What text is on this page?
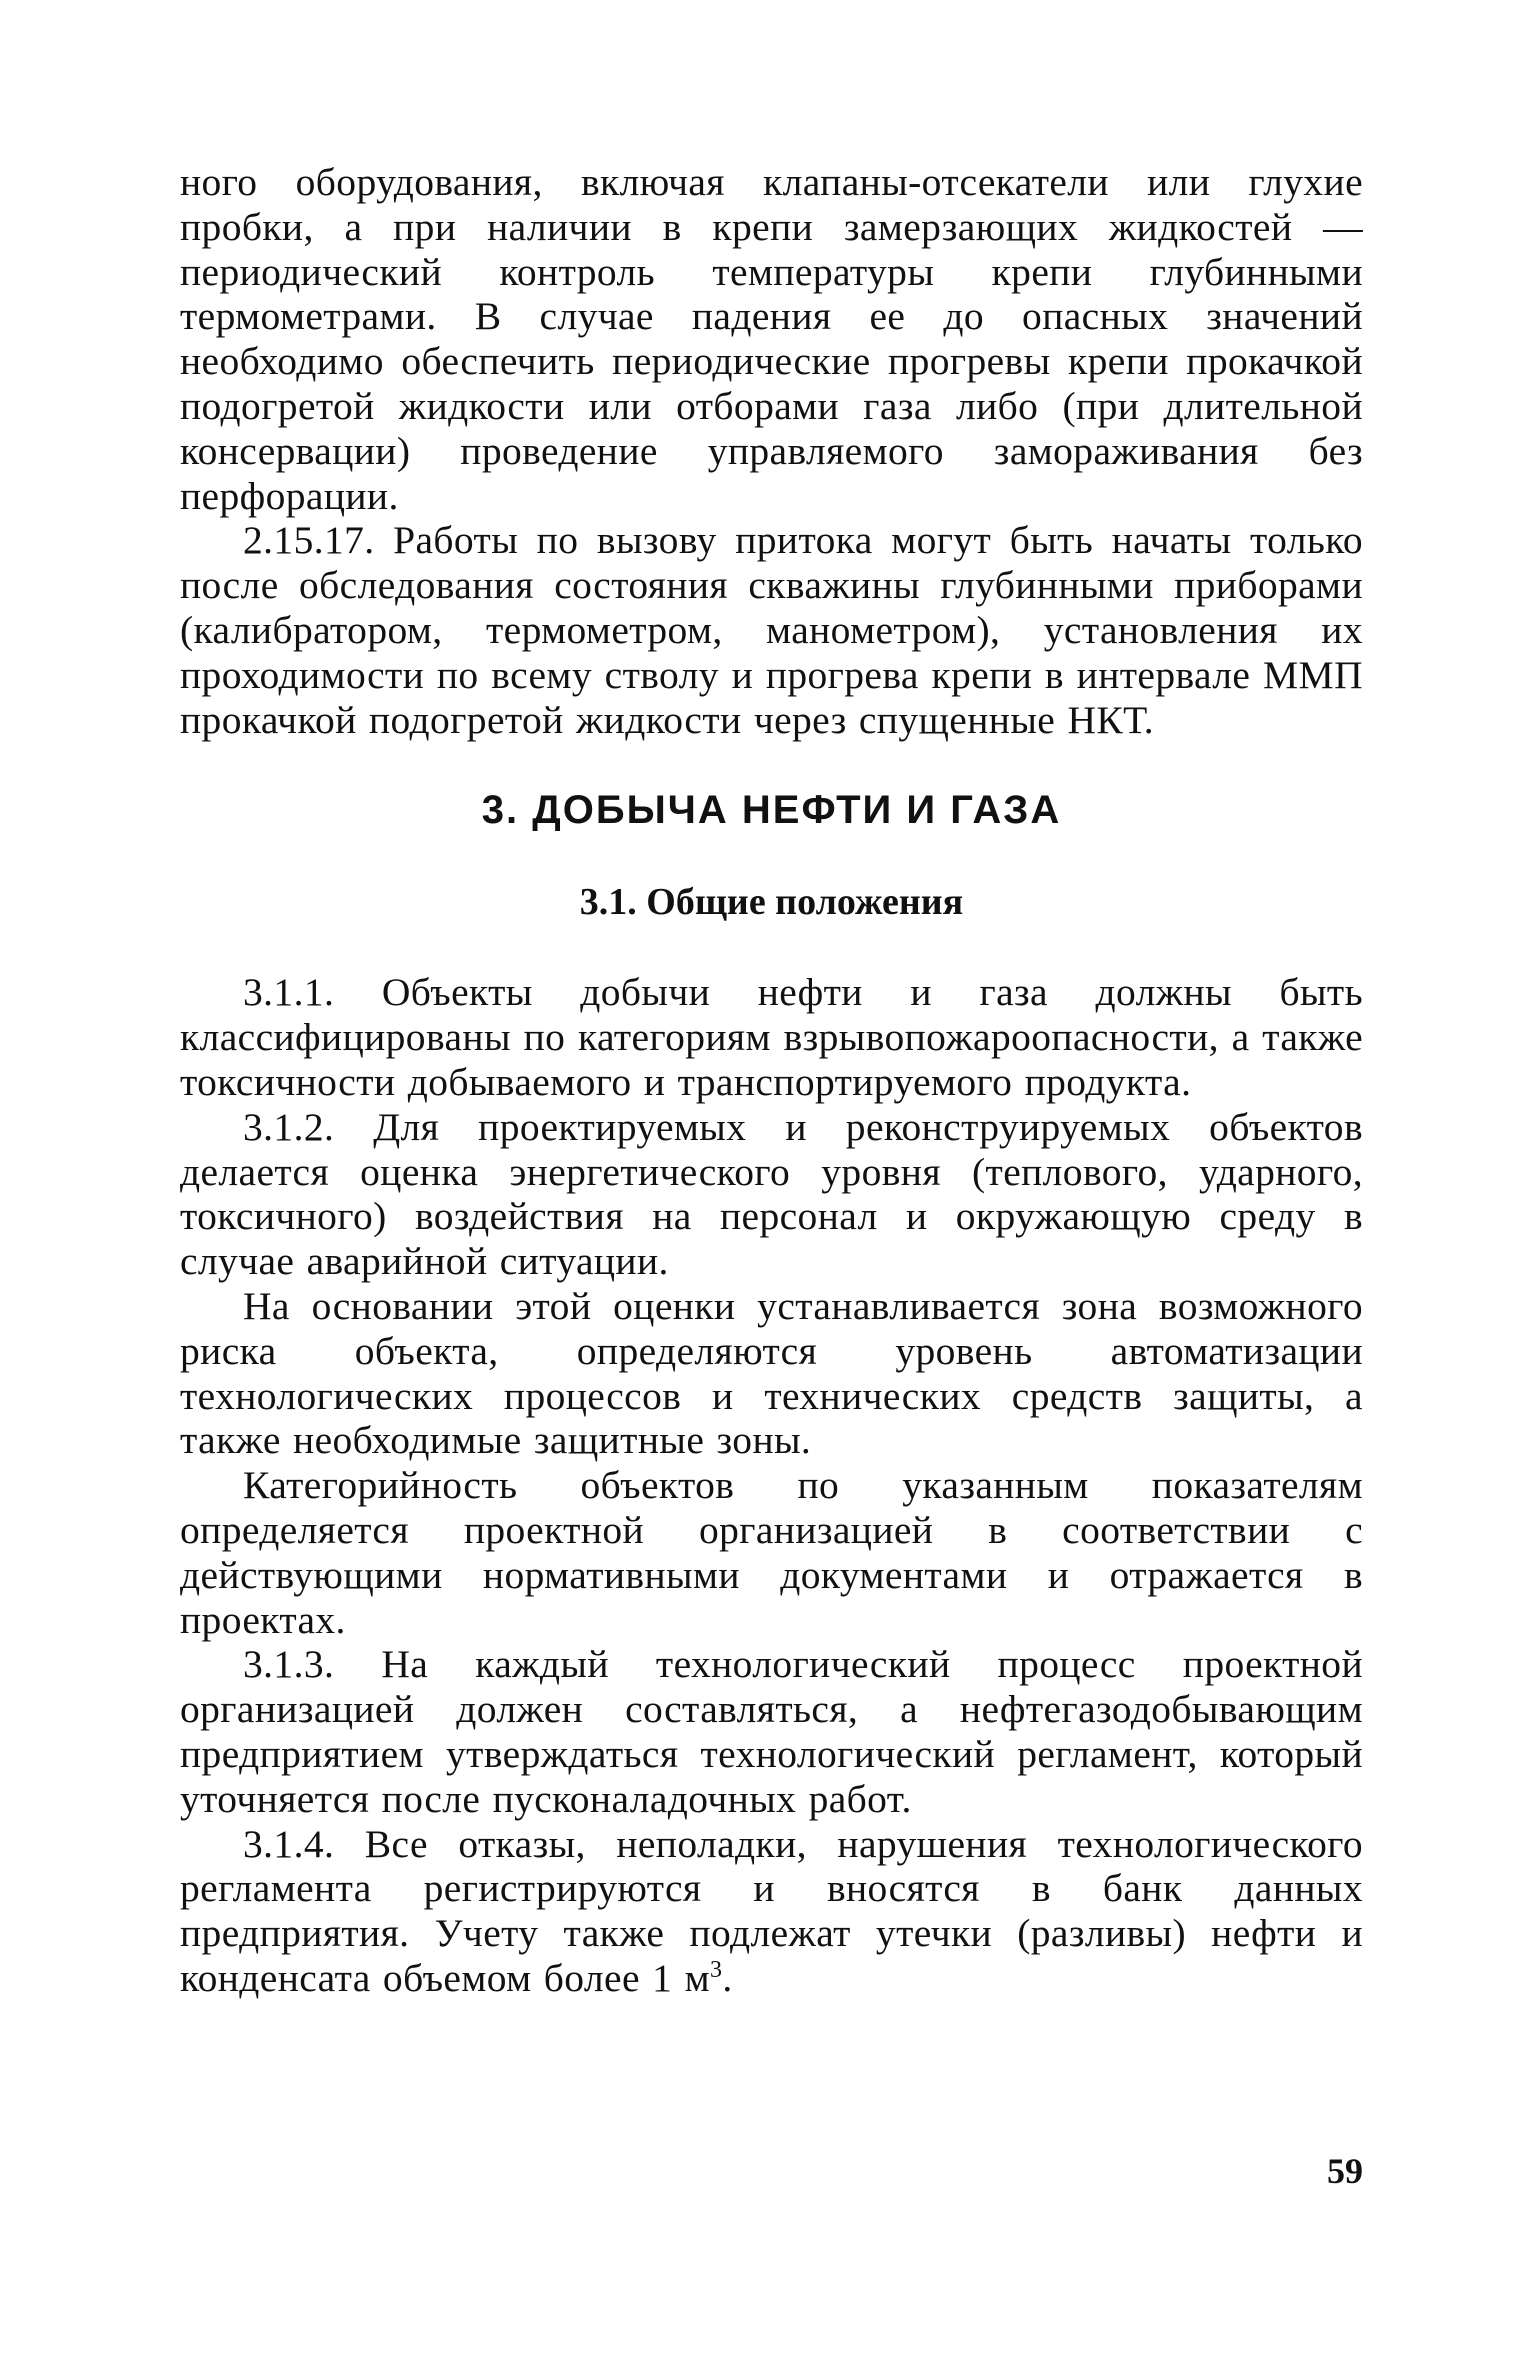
ного оборудования, включая клапаны-отсекатели или глухие пробки, а при наличии в крепи замерзающих жидкостей — периодический контроль температуры крепи глубинными термометрами. В случае падения ее до опасных значений необходимо обеспечить периодические прогревы крепи прокачкой подогретой жидкости или отборами газа либо (при длительной консервации) проведение управляемого замораживания без перфорации.

2.15.17. Работы по вызову притока могут быть начаты только после обследования состояния скважины глубинными приборами (калибратором, термометром, манометром), установления их проходимости по всему стволу и прогрева крепи в интервале ММП прокачкой подогретой жидкости через спущенные НКТ.

3. ДОБЫЧА НЕФТИ И ГАЗА
3.1. Общие положения

3.1.1. Объекты добычи нефти и газа должны быть классифицированы по категориям взрывопожароопасности, а также токсичности добываемого и транспортируемого продукта.

3.1.2. Для проектируемых и реконструируемых объектов делается оценка энергетического уровня (теплового, ударного, токсичного) воздействия на персонал и окружающую среду в случае аварийной ситуации.

На основании этой оценки устанавливается зона возможного риска объекта, определяются уровень автоматизации технологических процессов и технических средств защиты, а также необходимые защитные зоны.

Категорийность объектов по указанным показателям определяется проектной организацией в соответствии с действующими нормативными документами и отражается в проектах.

3.1.3. На каждый технологический процесс проектной организацией должен составляться, а нефтегазодобывающим предприятием утверждаться технологический регламент, который уточняется после пусконаладочных работ.

3.1.4. Все отказы, неполадки, нарушения технологического регламента регистрируются и вносятся в банк данных предприятия. Учету также подлежат утечки (разливы) нефти и конденсата объемом более 1 $м^3$.

59
